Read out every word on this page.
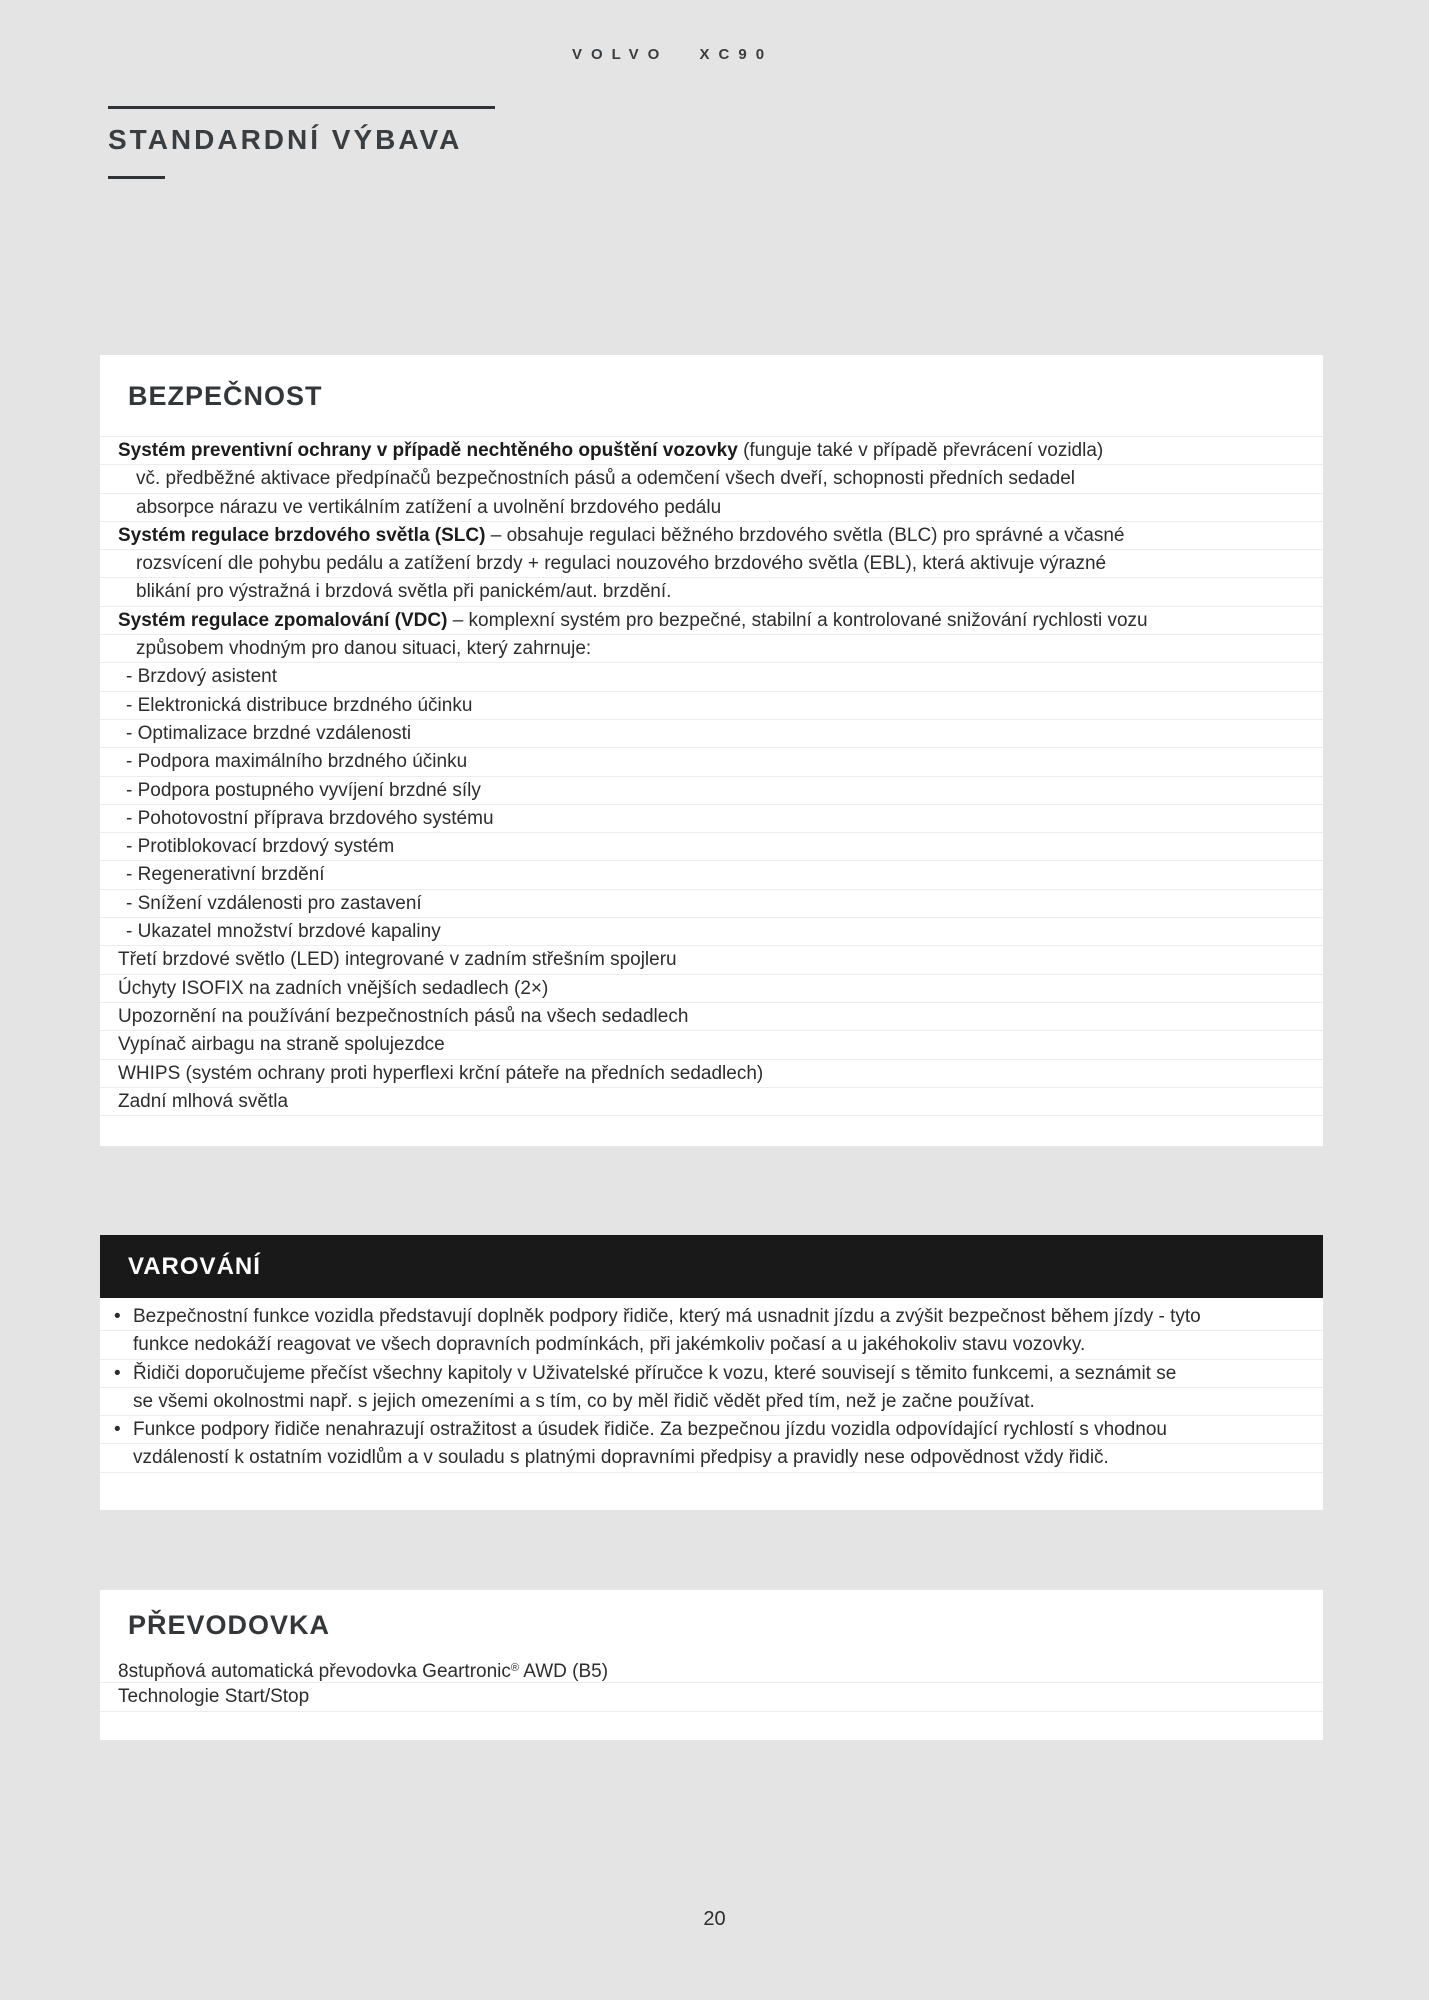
VOLVO XC90
STANDARDNÍ VÝBAVA
BEZPEČNOST
Systém preventivní ochrany v případě nechtěného opuštění vozovky (funguje také v případě převrácení vozidla)
vč. předběžné aktivace předpínačů bezpečnostních pásů a odemčení všech dveří, schopnosti předních sedadel
absorpce nárazu ve vertikálním zatížení a uvolnění brzdového pedálu
Systém regulace brzdového světla (SLC) – obsahuje regulaci běžného brzdového světla (BLC) pro správné a včasné
rozsvícení dle pohybu pedálu a zatížení brzdy + regulaci nouzového brzdového světla (EBL), která aktivuje výrazné
blikání pro výstražná i brzdová světla při panickém/aut. brzdění.
Systém regulace zpomalování (VDC) – komplexní systém pro bezpečné, stabilní a kontrolované snižování rychlosti vozu
způsobem vhodným pro danou situaci, který zahrnuje:
- Brzdový asistent
- Elektronická distribuce brzdného účinku
- Optimalizace brzdné vzdálenosti
- Podpora maximálního brzdného účinku
- Podpora postupného vyvíjení brzdné síly
- Pohotovostní příprava brzdového systému
- Protiblokovací brzdový systém
- Regenerativní brzdění
- Snížení vzdálenosti pro zastavení
- Ukazatel množství brzdové kapaliny
Třetí brzdové světlo (LED) integrované v zadním střešním spojleru
Úchyty ISOFIX na zadních vnějších sedadlech (2×)
Upozornění na používání bezpečnostních pásů na všech sedadlech
Vypínač airbagu na straně spolujezdce
WHIPS (systém ochrany proti hyperflexi krční páteře na předních sedadlech)
Zadní mlhová světla
VAROVÁNÍ
• Bezpečnostní funkce vozidla představují doplněk podpory řidiče, který má usnadnit jízdu a zvýšit bezpečnost během jízdy - tyto
funkce nedokáží reagovat ve všech dopravních podmínkách, při jakémkoliv počasí a u jakéhokoliv stavu vozovky.
• Řidiči doporučujeme přečíst všechny kapitoly v Uživatelské příručce k vozu, které souvisejí s těmito funkcemi, a seznámit se
se všemi okolnostmi např. s jejich omezeními a s tím, co by měl řidič vědět před tím, než je začne používat.
• Funkce podpory řidiče nenahrazují ostražitost a úsudek řidiče. Za bezpečnou jízdu vozidla odpovídající rychlostí s vhodnou
vzdáleností k ostatním vozidlům a v souladu s platnými dopravními předpisy a pravidly nese odpovědnost vždy řidič.
PŘEVODOVKA
8stupňová automatická převodovka Geartronic® AWD (B5)
Technologie Start/Stop
20
